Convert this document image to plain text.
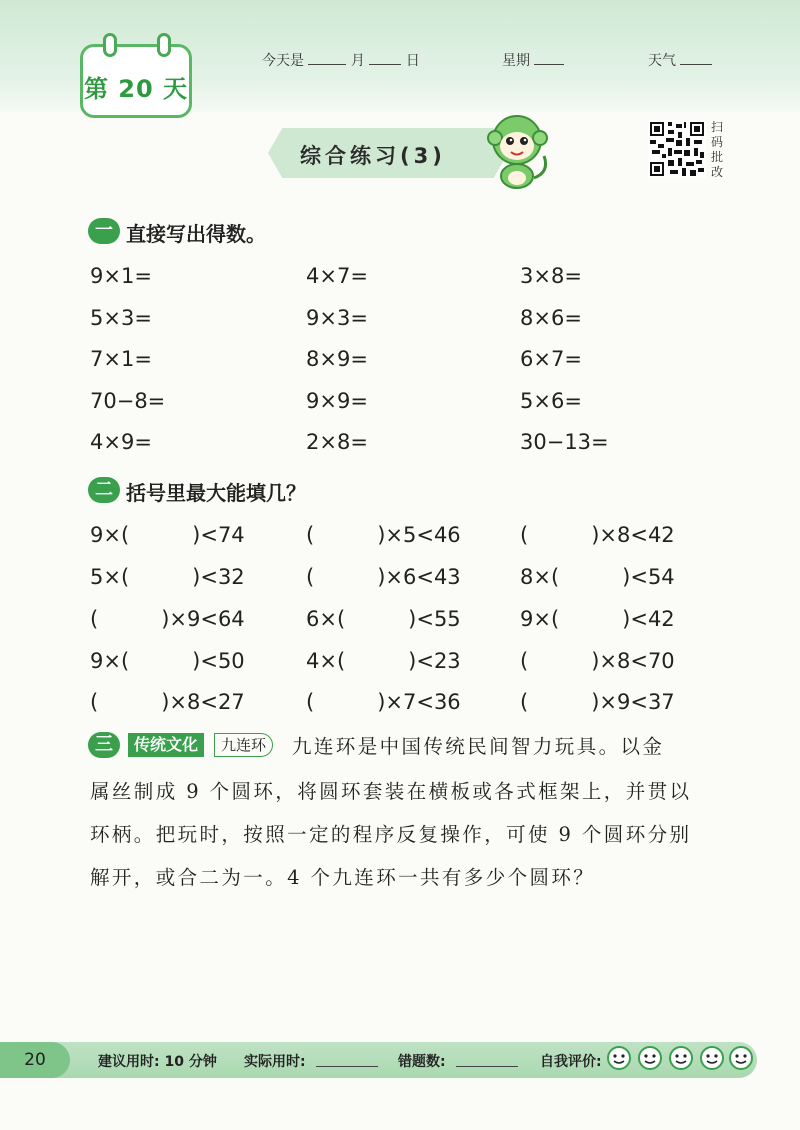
第 20 天
今天是	月	日	星期	天气
综合练习(3)
扫
码
批
改
一 直接写出得数。
9×1=	4×7=	3×8=
5×3=	9×3=	8×6=
7×1=	8×9=	6×7=
70−8=	9×9=	5×6=
4×9=	2×8=	30−13=
二 括号里最大能填几？
9×(　　　)<74	(　　　)×5<46	(　　　)×8<42
5×(　　　)<32	(　　　)×6<43	8×(　　　)<54
(　　　)×9<64	6×(　　　)<55	9×(　　　)<42
9×(　　　)<50	4×(　　　)<23	(　　　)×8<70
(　　　)×8<27	(　　　)×7<36	(　　　)×9<37
三	传统文化	九连环	九连环是中国传统民间智力玩具。以金
属丝制成 9 个圆环，将圆环套装在横板或各式框架上，并贯以
环柄。把玩时，按照一定的程序反复操作，可使 9 个圆环分别
解开，或合二为一。4 个九连环一共有多少个圆环？
20	建议用时: 10 分钟 实际用时:	错题数:	自我评价:
